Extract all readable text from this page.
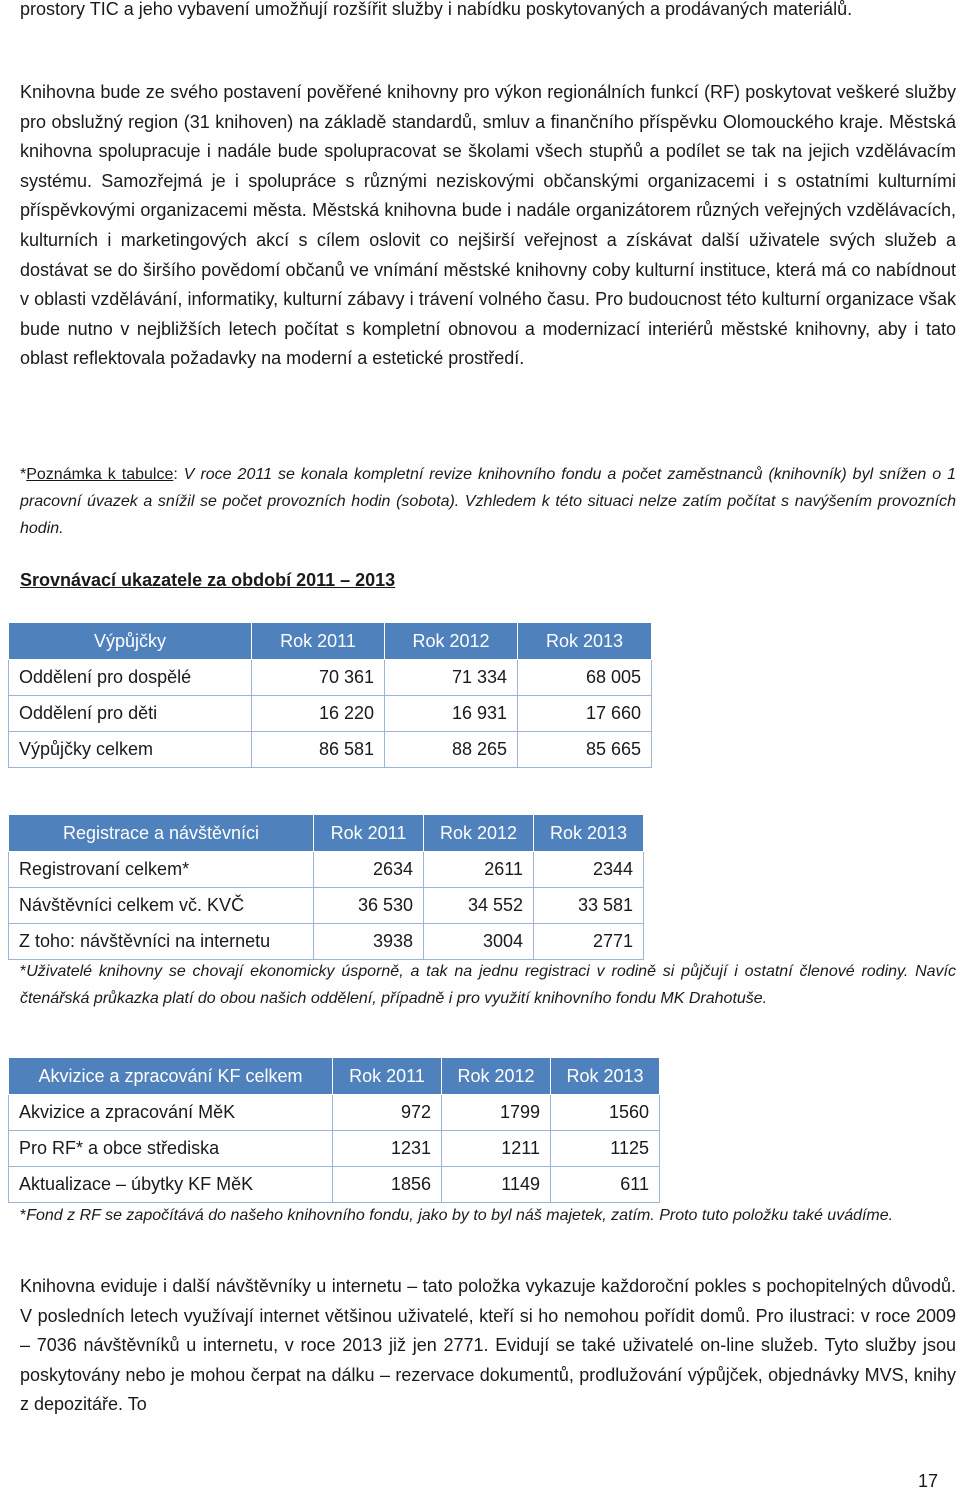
prostory TIC a jeho vybavení umožňují rozšířit služby i nabídku poskytovaných a prodávaných materiálů.

Knihovna bude ze svého postavení pověřené knihovny pro výkon regionálních funkcí (RF) poskytovat veškeré služby pro obslužný region (31 knihoven) na základě standardů, smluv a finančního příspěvku Olomouckého kraje. Městská knihovna spolupracuje i nadále bude spolupracovat se školami všech stupňů a podílet se tak na jejich vzdělávacím systému. Samozřejmá je i spolupráce s různými neziskovými občanskými organizacemi i s ostatními kulturními příspěvkovými organizacemi města. Městská knihovna bude i nadále organizátorem různých veřejných vzdělávacích, kulturních i marketingových akcí s cílem oslovit co nejširší veřejnost a získávat další uživatele svých služeb a dostávat se do širšího povědomí občanů ve vnímání městské knihovny coby kulturní instituce, která má co nabídnout v oblasti vzdělávání, informatiky, kulturní zábavy i trávení volného času. Pro budoucnost této kulturní organizace však bude nutno v nejbližších letech počítat s kompletní obnovou a modernizací interiérů městské knihovny, aby i tato oblast reflektovala požadavky na moderní a estetické prostředí.

*Poznámka k tabulce: V roce 2011 se konala kompletní revize knihovního fondu a počet zaměstnanců (knihovník) byl snížen o 1 pracovní úvazek a snížil se počet provozních hodin (sobota). Vzhledem k této situaci nelze zatím počítat s navýšením provozních hodin.

Srovnávací ukazatele za období 2011 – 2013
Výpůjčky	Rok 2011	Rok 2012	Rok 2013
Oddělení pro dospělé	70 361	71 334	68 005
Oddělení pro děti	16 220	16 931	17 660
Výpůjčky celkem	86 581	88 265	85 665
Registrace a návštěvníci	Rok 2011	Rok 2012	Rok 2013
Registrovaní celkem*	2634	2611	2344
Návštěvníci celkem vč. KVČ	36 530	34 552	33 581
Z toho: návštěvníci na internetu	3938	3004	2771

*Uživatelé knihovny se chovají ekonomicky úsporně, a tak na jednu registraci v rodině si půjčují i ostatní členové rodiny. Navíc čtenářská průkazka platí do obou našich oddělení, případně i pro využití knihovního fondu MK Drahotuše.

Akvizice a zpracování KF celkem	Rok 2011	Rok 2012	Rok 2013
Akvizice a zpracování MěK	972	1799	1560
Pro RF* a obce střediska	1231	1211	1125
Aktualizace – úbytky KF MěK	1856	1149	611

*Fond z RF se započítává do našeho knihovního fondu, jako by to byl náš majetek, zatím. Proto tuto položku také uvádíme.

Knihovna eviduje i další návštěvníky u internetu – tato položka vykazuje každoroční pokles s pochopitelných důvodů. V posledních letech využívají internet většinou uživatelé, kteří si ho nemohou pořídit domů. Pro ilustraci: v roce 2009 – 7036 návštěvníků u internetu, v roce 2013 již jen 2771. Evidují se také uživatelé on-line služeb. Tyto služby jsou poskytovány nebo je mohou čerpat na dálku – rezervace dokumentů, prodlužování výpůjček, objednávky MVS, knihy z depozitáře. To

17
